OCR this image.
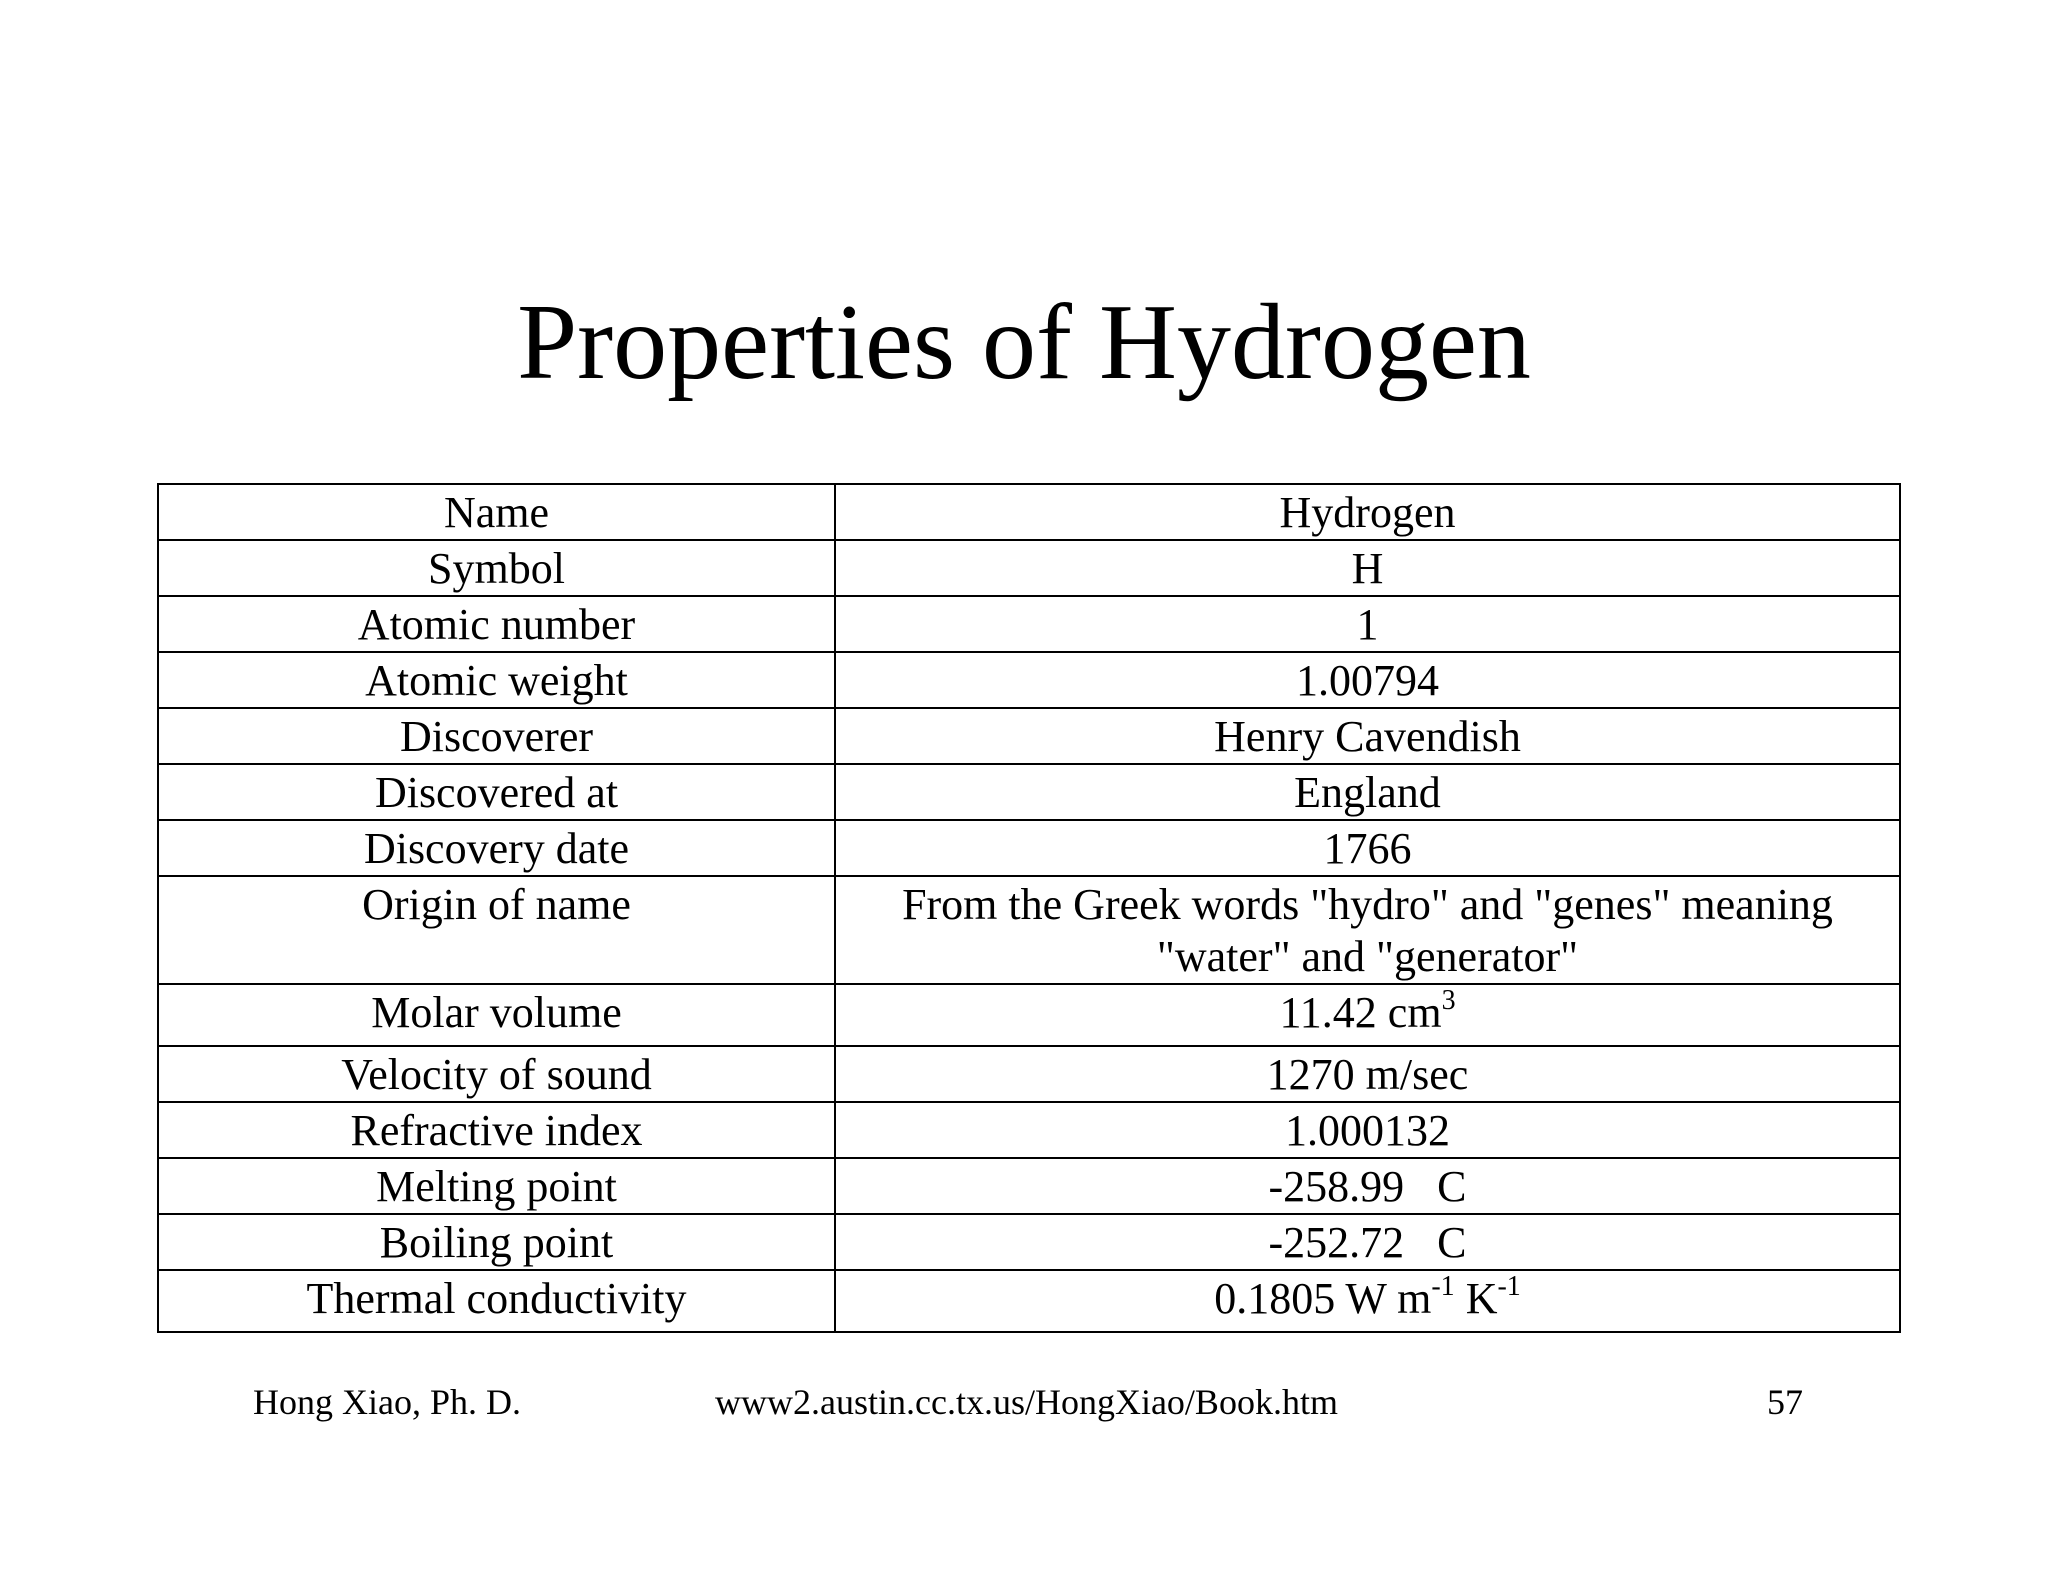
Properties of Hydrogen
Name	Hydrogen
Symbol	H
Atomic number	1
Atomic weight	1.00794
Discoverer	Henry Cavendish
Discovered at	England
Discovery date	1766
Origin of name	From the Greek words "hydro" and "genes" meaning
"water" and "generator"

Molar volume	11.42 $cm^3$
Velocity of sound	1270 m/sec
Refractive index	1.000132
Melting point	-258.99   C
Boiling point	-252.72   C
Thermal conductivity	0.1805 W $m^{-1}$ $K^{-1}$
Hong Xiao, Ph. D.	www2.austin.cc.tx.us/HongXiao/Book.htm	57
